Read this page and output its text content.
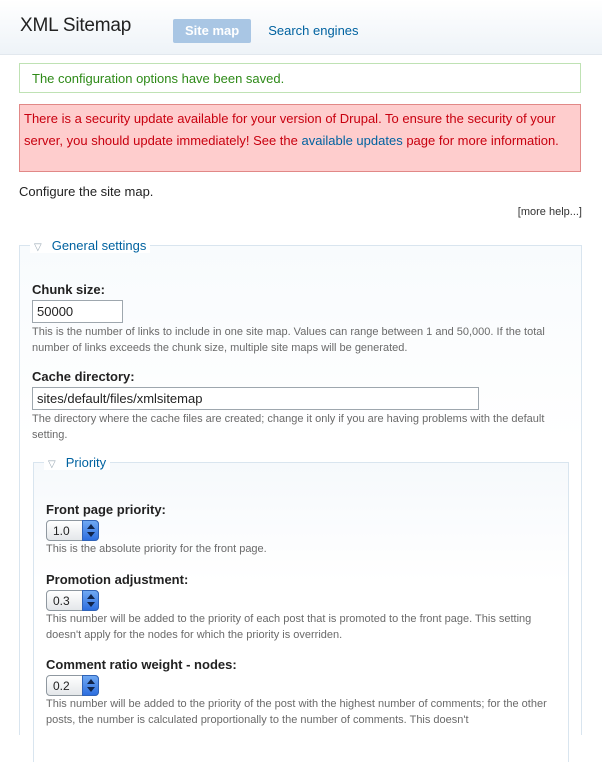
XML Sitemap	Site map	Search engines
The configuration options have been saved.
There is a security update available for your version of Drupal. To ensure the security of your server, you should update immediately! See the available updates page for more information.
Configure the site map.
[more help...]
▽ General settings
Chunk size:
50000
This is the number of links to include in one site map. Values can range between 1 and 50,000. If the total number of links exceeds the chunk size, multiple site maps will be generated.
Cache directory:
sites/default/files/xmlsitemap
The directory where the cache files are created; change it only if you are having problems with the default setting.
▽ Priority
Front page priority:
1.0
This is the absolute priority for the front page.
Promotion adjustment:
0.3
This number will be added to the priority of each post that is promoted to the front page. This setting doesn't apply for the nodes for which the priority is overriden.
Comment ratio weight - nodes:
0.2
This number will be added to the priority of the post with the highest number of comments; for the other posts, the number is calculated proportionally to the number of comments. This doesn't
